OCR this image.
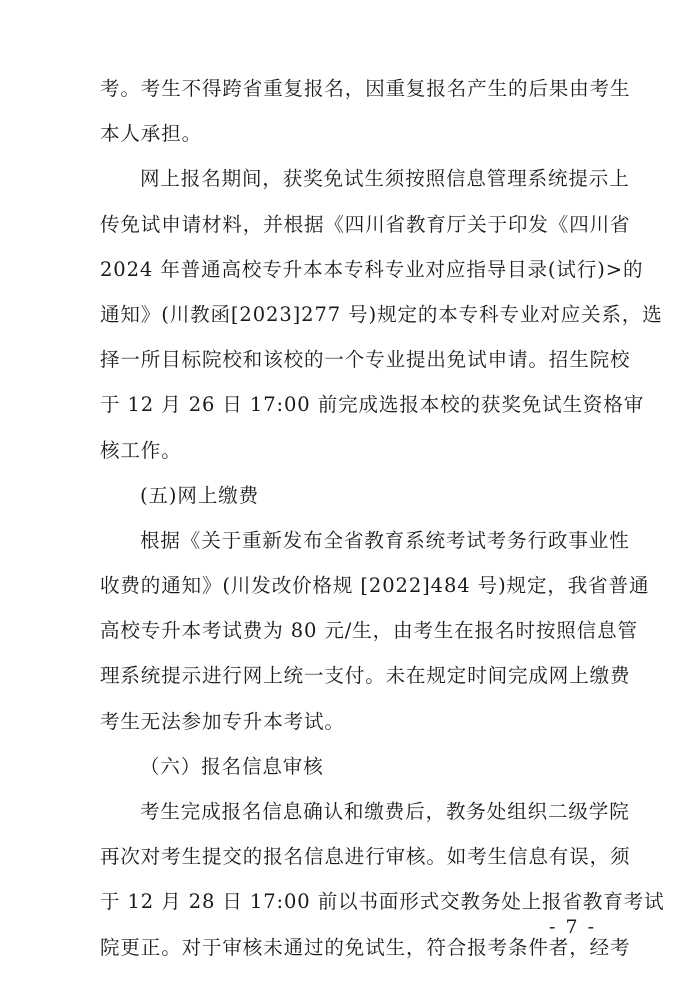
考。考生不得跨省重复报名，因重复报名产生的后果由考生
本人承担。
网上报名期间，获奖免试生须按照信息管理系统提示上
传免试申请材料，并根据《四川省教育厅关于印发《四川省
2024 年普通高校专升本本专科专业对应指导目录(试行)>的
通知》(川教函[2023]277 号)规定的本专科专业对应关系，选
择一所目标院校和该校的一个专业提出免试申请。招生院校
于 12 月 26 日 17:00 前完成选报本校的获奖免试生资格审
核工作。
(五)网上缴费
根据《关于重新发布全省教育系统考试考务行政事业性
收费的通知》(川发改价格规 [2022]484 号)规定，我省普通
高校专升本考试费为 80 元/生，由考生在报名时按照信息管
理系统提示进行网上统一支付。未在规定时间完成网上缴费
考生无法参加专升本考试。
（六）报名信息审核
考生完成报名信息确认和缴费后，教务处组织二级学院
再次对考生提交的报名信息进行审核。如考生信息有误，须
于 12 月 28 日 17:00 前以书面形式交教务处上报省教育考试
院更正。对于审核未通过的免试生，符合报考条件者，经考
- 7 -
